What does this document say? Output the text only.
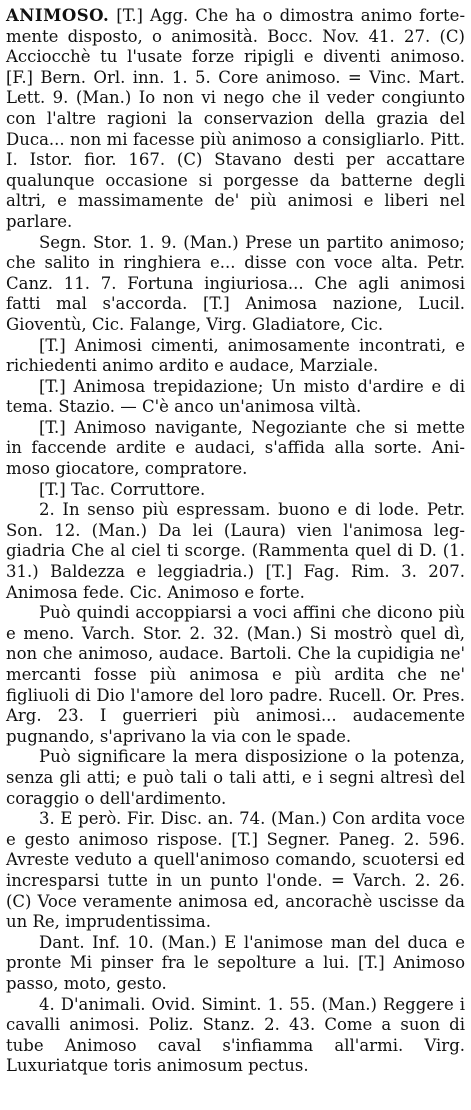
ANIMOSO. [T.] Agg. Che ha o dimostra animo fortemente disposto, o animosità. Bocc. Nov. 41. 27. (C) Acciocchè tu l'usate forze ripigli e diventi animoso. [F.] Bern. Orl. inn. 1. 5. Core animoso. = Vinc. Mart. Lett. 9. (Man.) Io non vi nego che il veder congiunto con l'altre ragioni la conservazion della grazia del Duca... non mi facesse più animoso a consigliarlo. Pitt. I. Istor. fior. 167. (C) Stavano desti per accattare qualunque occasione si porgesse da batterne degli altri, e massimamente de' più animosi e liberi nel parlare.

Segn. Stor. 1. 9. (Man.) Prese un partito animoso; che salito in ringhiera e... disse con voce alta. Petr. Canz. 11. 7. Fortuna ingiuriosa... Che agli animosi fatti mal s'accorda. [T.] Animosa nazione, Lucil. Gioventù, Cic. Falange, Virg. Gladiatore, Cic.

[T.] Animosi cimenti, animosamente incontrati, e richiedenti animo ardito e audace, Marziale.

[T.] Animosa trepidazione; Un misto d'ardire e di tema. Stazio. — C'è anco un'animosa viltà.

[T.] Animoso navigante, Negoziante che si mette in faccende ardite e audaci, s'affida alla sorte. Animoso giocatore, compratore.

[T.] Tac. Corruttore.

2. In senso più espressam. buono e di lode. Petr. Son. 12. (Man.) Da lei (Laura) vien l'animosa leggiadria Che al ciel ti scorge. (Rammenta quel di D. (1. 31.) Baldezza e leggiadria.) [T.] Fag. Rim. 3. 207. Animosa fede. Cic. Animoso e forte.

Può quindi accoppiarsi a voci affini che dicono più e meno. Varch. Stor. 2. 32. (Man.) Si mostrò quel dì, non che animoso, audace. Bartoli. Che la cupidigia ne' mercanti fosse più animosa e più ardita che ne' figliuoli di Dio l'amore del loro padre. Rucell. Or. Pres. Arg. 23. I guerrieri più animosi... audacemente pugnando, s'aprivano la via con le spade.

Può significare la mera disposizione o la potenza, senza gli atti; e può tali o tali atti, e i segni altresì del coraggio o dell'ardimento.

3. E però. Fir. Disc. an. 74. (Man.) Con ardita voce e gesto animoso rispose. [T.] Segner. Paneg. 2. 596. Avreste veduto a quell'animoso comando, scuotersi ed incresparsi tutte in un punto l'onde. = Varch. 2. 26. (C) Voce veramente animosa ed, ancorachè uscisse da un Re, imprudentissima.

Dant. Inf. 10. (Man.) E l'animose man del duca e pronte Mi pinser fra le sepolture a lui. [T.] Animoso passo, moto, gesto.

4. D'animali. Ovid. Simint. 1. 55. (Man.) Reggere i cavalli animosi. Poliz. Stanz. 2. 43. Come a suon di tube Animoso caval s'infiamma all'armi. Virg. Luxuriatque toris animosum pectus.
